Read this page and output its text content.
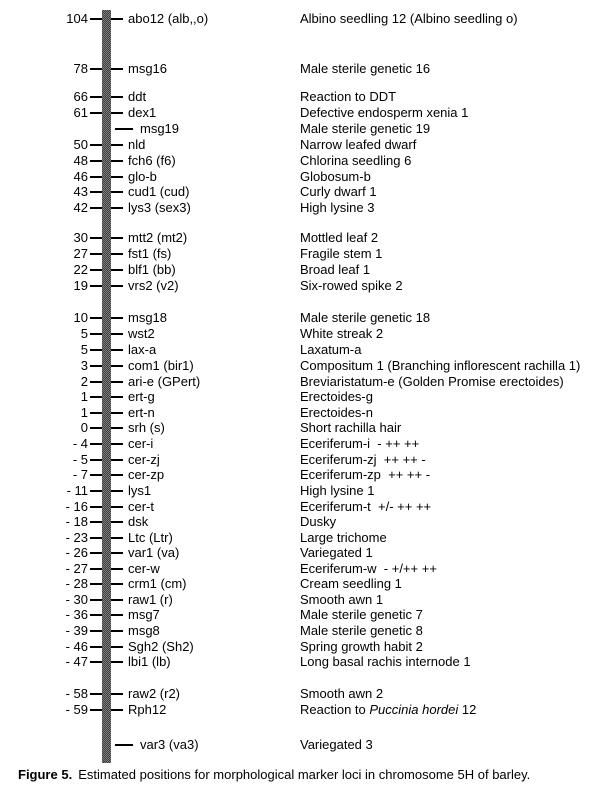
104	abo12 (alb,,o)	Albino seedling 12 (Albino seedling o)
78	msg16	Male sterile genetic 16
66	ddt	Reaction to DDT
61	dex1	Defective endosperm xenia 1
msg19	Male sterile genetic 19
50	nld	Narrow leafed dwarf
48	fch6 (f6)	Chlorina seedling 6
46	glo-b	Globosum-b
43	cud1 (cud)	Curly dwarf 1
42	lys3 (sex3)	High lysine 3
30	mtt2 (mt2)	Mottled leaf 2
27	fst1 (fs)	Fragile stem 1
22	blf1 (bb)	Broad leaf 1
19	vrs2 (v2)	Six-rowed spike 2
10	msg18	Male sterile genetic 18
5	wst2	White streak 2
5	lax-a	Laxatum-a
3	com1 (bir1)	Compositum 1 (Branching inflorescent rachilla 1)
2	ari-e (GPert)	Breviaristatum-e (Golden Promise erectoides)
1	ert-g	Erectoides-g
1	ert-n	Erectoides-n
0	srh (s)	Short rachilla hair
- 4	cer-i	Eceriferum-i  - ++ ++
- 5	cer-zj	Eceriferum-zj  ++ ++ -
- 7	cer-zp	Eceriferum-zp  ++ ++ -
- 11	lys1	High lysine 1
- 16	cer-t	Eceriferum-t  +/- ++ ++
- 18	dsk	Dusky
- 23	Ltc (Ltr)	Large trichome
- 26	var1 (va)	Variegated 1
- 27	cer-w	Eceriferum-w  - +/++ ++
- 28	crm1 (cm)	Cream seedling 1
- 30	raw1 (r)	Smooth awn 1
- 36	msg7	Male sterile genetic 7
- 39	msg8	Male sterile genetic 8
- 46	Sgh2 (Sh2)	Spring growth habit 2
- 47	lbi1 (lb)	Long basal rachis internode 1
- 58	raw2 (r2)	Smooth awn 2
- 59	Rph12	Reaction to Puccinia hordei 12
var3 (va3)	Variegated 3
Figure 5. Estimated positions for morphological marker loci in chromosome 5H of barley.
